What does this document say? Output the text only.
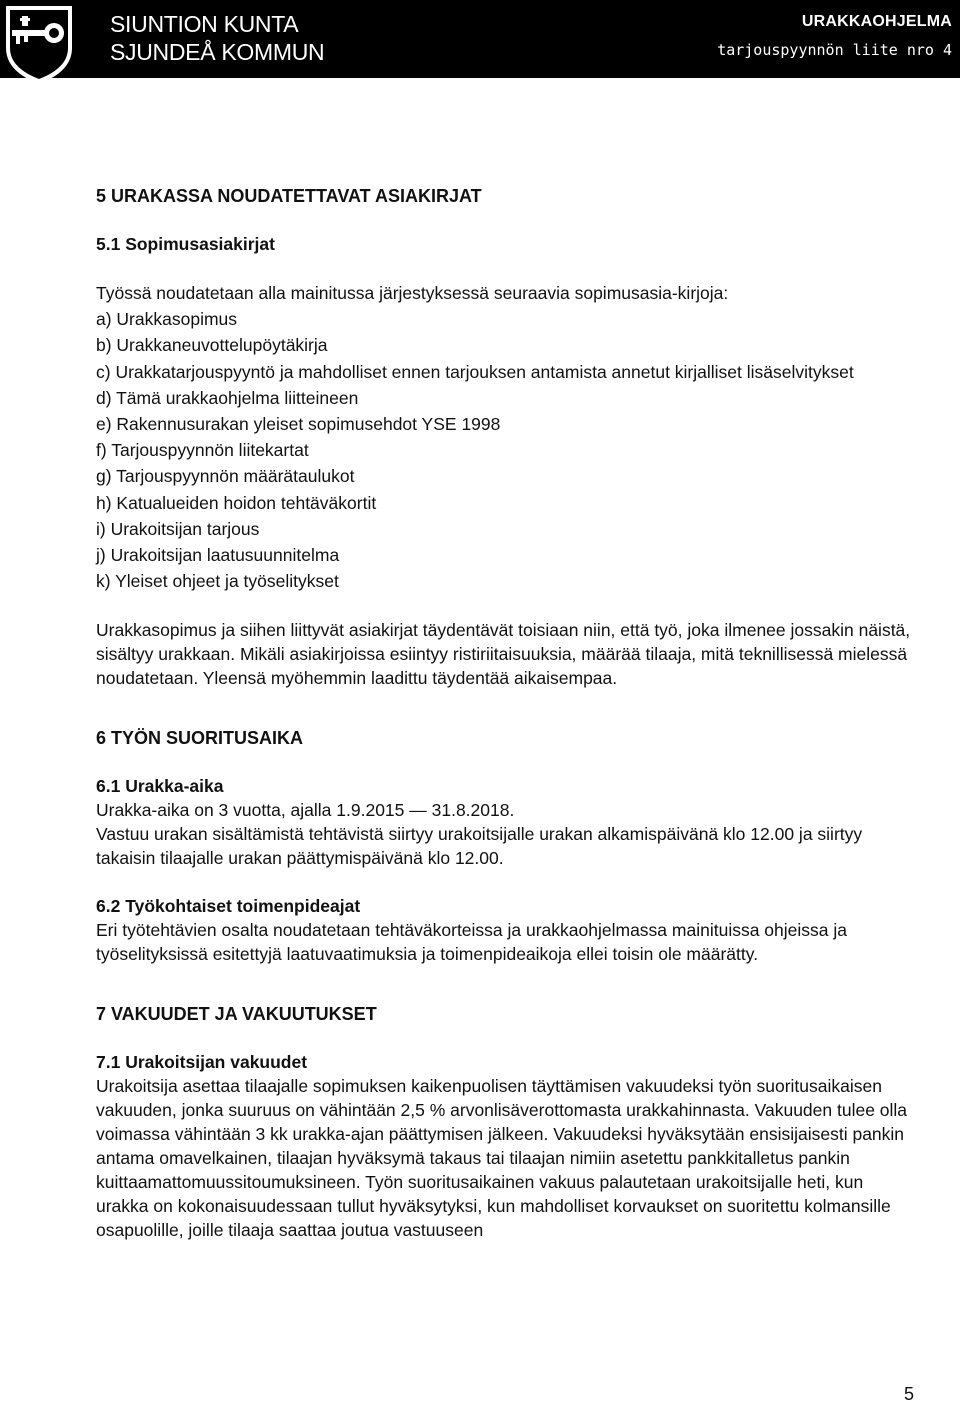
SIUNTION KUNTA
SJUNDEÅ KOMMUN
URAKKAOHJELMA
tarjouspyynnön liite nro 4

5 URAKASSA NOUDATETTAVAT ASIAKIRJAT

5.1 Sopimusasiakirjat

Työssä noudatetaan alla mainitussa järjestyksessä seuraavia sopimusasia-kirjoja:

a) Urakkasopimus
b) Urakkaneuvottelupöytäkirja
c) Urakkatarjouspyyntö ja mahdolliset ennen tarjouksen antamista annetut kirjalliset lisäselvitykset
d) Tämä urakkaohjelma liitteineen
e) Rakennusurakan yleiset sopimusehdot YSE 1998
f) Tarjouspyynnön liitekartat
g) Tarjouspyynnön määrätaulukot
h) Katualueiden hoidon tehtäväkortit
i) Urakoitsijan tarjous
j) Urakoitsijan laatusuunnitelma
k) Yleiset ohjeet ja työselitykset

Urakkasopimus ja siihen liittyvät asiakirjat täydentävät toisiaan niin, että työ, joka ilmenee jossakin näistä, sisältyy urakkaan. Mikäli asiakirjoissa esiintyy ristiriitaisuuksia, määrää tilaaja, mitä teknillisessä mielessä noudatetaan. Yleensä myöhemmin laadittu täydentää aikaisempaa.

6 TYÖN SUORITUSAIKA

6.1 Urakka-aika

Urakka-aika on 3 vuotta, ajalla 1.9.2015 — 31.8.2018.

Vastuu urakan sisältämistä tehtävistä siirtyy urakoitsijalle urakan alkamispäivänä klo 12.00 ja siirtyy takaisin tilaajalle urakan päättymispäivänä klo 12.00.

6.2 Työkohtaiset toimenpideajat

Eri työtehtävien osalta noudatetaan tehtäväkorteissa ja urakkaohjelmassa mainituissa ohjeissa ja työselityksissä esitettyjä laatuvaatimuksia ja toimenpideaikoja ellei toisin ole määrätty.

7 VAKUUDET JA VAKUUTUKSET

7.1 Urakoitsijan vakuudet

Urakoitsija asettaa tilaajalle sopimuksen kaikenpuolisen täyttämisen vakuudeksi työn suoritusaikaisen vakuuden, jonka suuruus on vähintään 2,5 % arvonlisäverottomasta urakkahinnasta. Vakuuden tulee olla voimassa vähintään 3 kk urakka-ajan päättymisen jälkeen. Vakuudeksi hyväksytään ensisijaisesti pankin antama omavelkainen, tilaajan hyväksymä takaus tai tilaajan nimiin asetettu pankkitalletus pankin kuittaamattomuussitoumuksineen. Työn suoritusaikainen vakuus palautetaan urakoitsijalle heti, kun urakka on kokonaisuudessaan tullut hyväksytyksi, kun mahdolliset korvaukset on suoritettu kolmansille osapuolille, joille tilaaja saattaa joutua vastuuseen

5
